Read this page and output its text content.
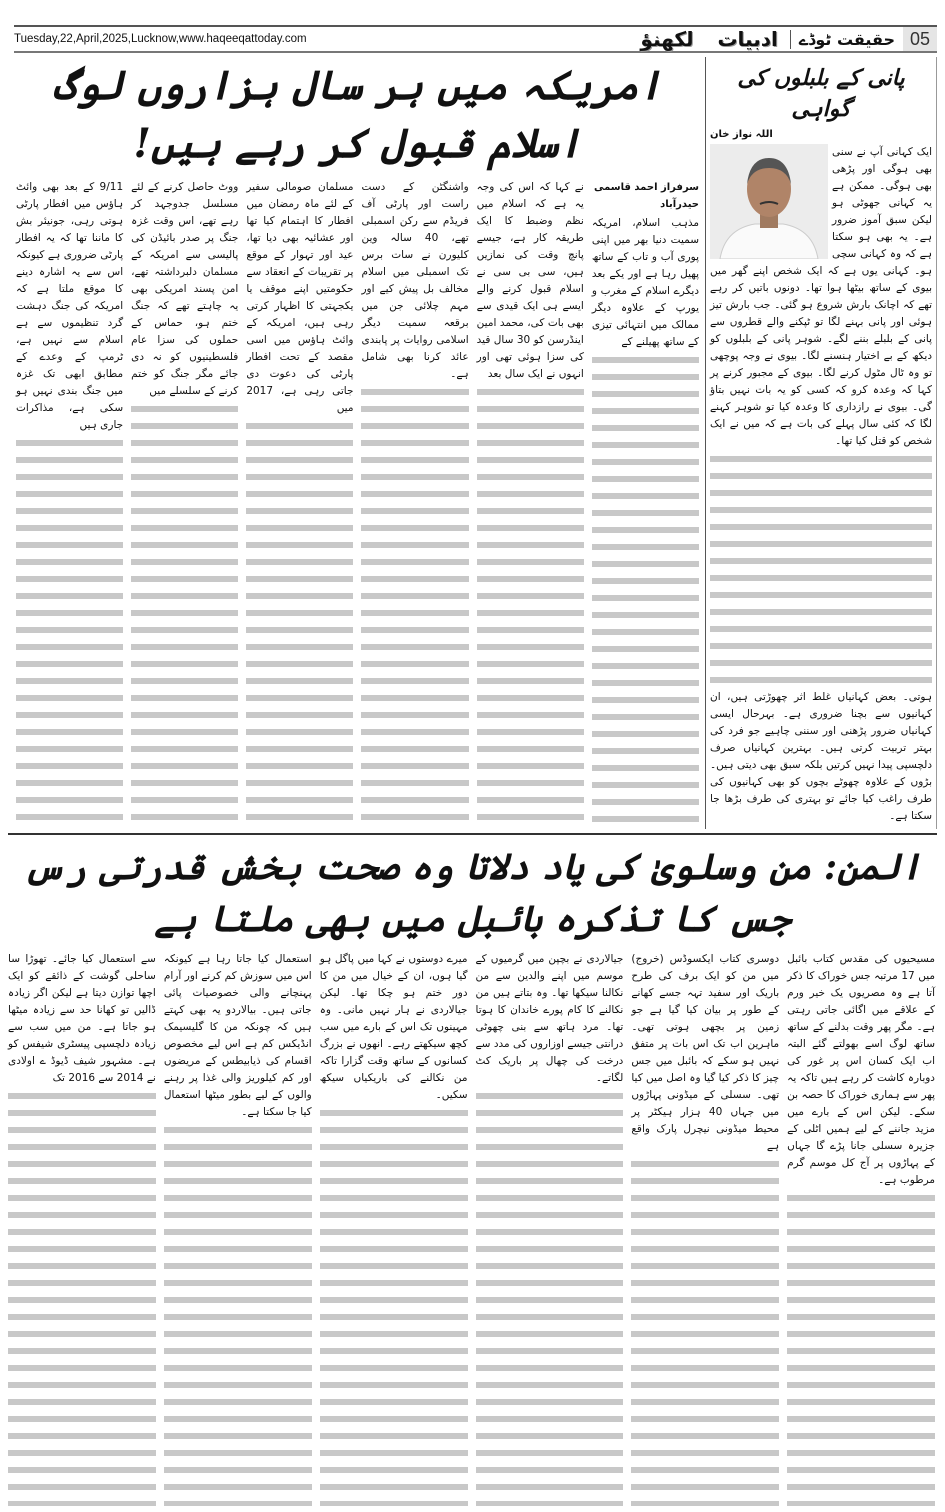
Tuesday,22,April,2025,Lucknow,www.haqeeqattoday.com	لکھنؤ ادبیات	حقیقت ٹوڈے 05
پانی کے بلبلوں کی گواہی
اللہ نواز خان
ایک کہانی آپ نے سنی بھی ہوگی اور پڑھی بھی ہوگی۔ ممکن ہے یہ کہانی جھوٹی ہو لیکن سبق آموز ضرور ہے۔ یہ بھی ہو سکتا ہے کہ وہ کہانی سچی ہو۔ کہانی یوں ہے کہ ایک شخص اپنے گھر میں بیوی کے ساتھ بیٹھا ہوا تھا۔ دونوں باتیں کر رہے تھے کہ اچانک بارش شروع ہو گئی۔ جب بارش تیز ہوئی اور پانی بہنے لگا تو ٹپکنے والے قطروں سے پانی کے بلبلے بننے لگے۔ شوہر پانی کے بلبلوں کو دیکھ کے بے اختیار ہنسنے لگا۔ بیوی نے وجہ پوچھی تو وہ ٹال مٹول کرنے لگا۔ بیوی کے مجبور کرنے پر کہا کہ وعدہ کرو کہ کسی کو یہ بات نہیں بتاؤ گی۔ بیوی نے رازداری کا وعدہ کیا تو شوہر کہنے لگا کہ کئی سال پہلے کی بات ہے کہ میں نے ایک شخص کو قتل کیا تھا۔
ہوتی۔ بعض کہانیاں غلط اثر چھوڑتی ہیں، ان کہانیوں سے بچنا ضروری ہے۔ بہرحال ایسی کہانیاں ضرور پڑھنی اور سننی چاہیے جو فرد کی بہتر تربیت کرتی ہیں۔ بہترین کہانیاں صرف دلچسپی پیدا نہیں کرتیں بلکہ سبق بھی دیتی ہیں۔ بڑوں کے علاوہ چھوٹے بچوں کو بھی کہانیوں کی طرف راغب کیا جائے تو بہتری کی طرف بڑھا جا سکتا ہے۔
امریکہ میں ہر سال ہزاروں لوگ اسلام قبول کر رہے ہیں!
سرفراز احمد قاسمی حیدرآباد
مذہب اسلام، امریکہ سمیت دنیا بھر میں اپنی پوری آب و تاب کے ساتھ پھیل رہا ہے اور یکے بعد دیگرے اسلام کے مغرب و یورپ کے علاوہ دیگر ممالک میں انتہائی تیزی کے ساتھ پھیلنے کے
نے کہا کہ اس کی وجہ یہ ہے کہ اسلام میں نظم وضبط کا ایک طریقہ کار ہے، جیسے پانچ وقت کی نمازیں ہیں، سی بی سی نے اسلام قبول کرنے والے ایسے ہی ایک قیدی سے بھی بات کی، محمد امین اینڈرسن کو 30 سال قید کی سزا ہوئی تھی اور انہوں نے ایک سال بعد
واشنگٹن کے دست راست اور پارٹی آف فریڈم سے رکن اسمبلی تھے، 40 سالہ وین کلیورن نے سات برس تک اسمبلی میں اسلام مخالف بل پیش کیے اور مہم چلائی جن میں برقعہ سمیت دیگر اسلامی روایات پر پابندی عائد کرنا بھی شامل ہے۔
مسلمان صومالی سفیر کے لئے ماہ رمضان میں افطار کا اہتمام کیا تھا اور عشائیہ بھی دیا تھا، عید اور تہوار کے موقع پر تقریبات کے انعقاد سے حکومتیں اپنے موقف یا یکجہتی کا اظہار کرتی رہی ہیں، امریکہ کے وائٹ ہاؤس میں اسی مقصد کے تحت افطار پارٹی کی دعوت دی جاتی رہی ہے، 2017 میں
ووٹ حاصل کرنے کے لئے مسلسل جدوجہد کر رہے تھے، اس وقت غزہ جنگ پر صدر بائیڈن کی پالیسی سے امریکہ کے مسلمان دلبرداشتہ تھے، امن پسند امریکی بھی یہ چاہتے تھے کہ جنگ ختم ہو، حماس کے حملوں کی سزا عام فلسطینیوں کو نہ دی جائے مگر جنگ کو ختم کرنے کے سلسلے میں
9/11 کے بعد بھی وائٹ ہاؤس میں افطار پارٹی ہوتی رہی، جونیئر بش کا ماننا تھا کہ یہ افطار پارٹی ضروری ہے کیونکہ اس سے یہ اشارہ دینے کا موقع ملتا ہے کہ امریکہ کی جنگ دہشت گرد تنظیموں سے ہے اسلام سے نہیں ہے، ٹرمپ کے وعدے کے مطابق ابھی تک غزہ میں جنگ بندی نہیں ہو سکی ہے، مذاکرات جاری ہیں
المن: من وسلویٰ کی یاد دلاتا وہ صحت بخش قدرتی رس جس کا تذکرہ بائبل میں بھی ملتا ہے
مسیحیوں کی مقدس کتاب بائبل میں 17 مرتبہ جس خوراک کا ذکر آتا ہے وہ مصریوں یک خیر ورم کے علاقے میں اگائی جاتی رہتی ہے۔ مگر پھر وقت بدلنے کے ساتھ ساتھ لوگ اسے بھولتے گئے البتہ اب ایک کسان اس پر غور کی دوبارہ کاشت کر رہے ہیں تاکہ یہ پھر سے ہماری خوراک کا حصہ بن سکے۔ لیکن اس کے بارے میں مزید جاننے کے لیے ہمیں اٹلی کے جزیرہ سسلی جانا پڑے گا جہاں کے پہاڑوں پر آج کل موسم گرم مرطوب ہے۔
دوسری کتاب ایکسوڈس (خروج) میں من کو ایک برف کی طرح باریک اور سفید تہہ جسے کھانے کے طور پر بیان کیا گیا ہے جو زمین پر بچھی ہوتی تھی۔ ماہرین اب تک اس بات پر متفق نہیں ہو سکے کہ بائبل میں جس چیز کا ذکر کیا گیا وہ اصل میں کیا تھی۔ سسلی کے میڈونی پہاڑوں میں جہاں 40 ہزار ہیکٹر پر محیط میڈونی نیچرل پارک واقع ہے
جیالاردی نے بچپن میں گرمیوں کے موسم میں اپنے والدین سے من نکالنا سیکھا تھا۔ وہ بتاتے ہیں من نکالنے کا کام پورے خاندان کا ہوتا تھا۔ مرد ہاتھ سے بنی چھوٹی درانتی جیسے اوزاروں کی مدد سے درخت کی چھال پر باریک کٹ لگاتے۔
میرے دوستوں نے کہا میں پاگل ہو گیا ہوں، ان کے خیال میں من کا دور ختم ہو چکا تھا۔ لیکن جیالاردی نے ہار نہیں مانی۔ وہ مہینوں تک اس کے بارے میں سب کچھ سیکھتے رہے۔ انھوں نے بزرگ کسانوں کے ساتھ وقت گزارا تاکہ من نکالنے کی باریکیاں سیکھ سکیں۔
استعمال کیا جاتا رہا ہے کیونکہ اس میں سوزش کم کرنے اور آرام پہنچانے والی خصوصیات پائی جاتی ہیں۔ بیالاردو یہ بھی کہتے ہیں کہ چونکہ من کا گلیسیمک انڈیکس کم ہے اس لیے مخصوص اقسام کی ذیابیطس کے مریضوں اور کم کیلوریز والی غذا پر رہنے والوں کے لیے بطور میٹھا استعمال کیا جا سکتا ہے۔
سے استعمال کیا جائے۔ تھوڑا سا ساحلی گوشت کے ذائقے کو ایک اچھا توازن دیتا ہے لیکن اگر زیادہ ڈالیں تو کھانا حد سے زیادہ میٹھا ہو جاتا ہے۔ من میں سب سے زیادہ دلچسپی پیسٹری شیفس کو ہے۔ مشہور شیف ڈیوڈ ے اولادی نے 2014 سے 2016 تک
